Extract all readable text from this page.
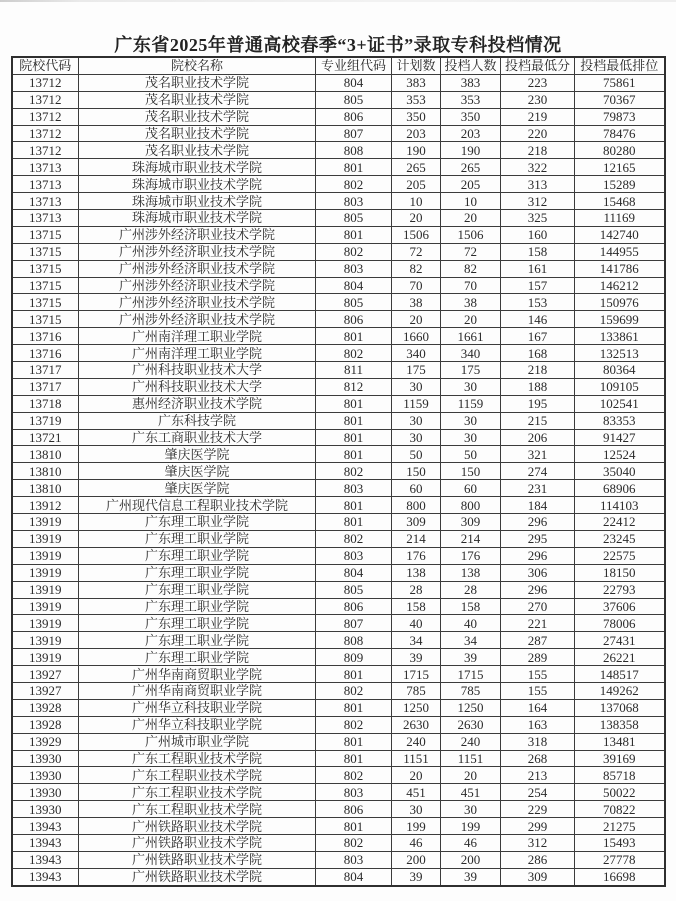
广东省2025年普通高校春季“3+证书”录取专科投档情况
院校代码	院校名称	专业组代码	计划数	投档人数	投档最低分	投档最低排位
13712	茂名职业技术学院	804	383	383	223	75861
13712	茂名职业技术学院	805	353	353	230	70367
13712	茂名职业技术学院	806	350	350	219	79873
13712	茂名职业技术学院	807	203	203	220	78476
13712	茂名职业技术学院	808	190	190	218	80280
13713	珠海城市职业技术学院	801	265	265	322	12165
13713	珠海城市职业技术学院	802	205	205	313	15289
13713	珠海城市职业技术学院	803	10	10	312	15468
13713	珠海城市职业技术学院	805	20	20	325	11169
13715	广州涉外经济职业技术学院	801	1506	1506	160	142740
13715	广州涉外经济职业技术学院	802	72	72	158	144955
13715	广州涉外经济职业技术学院	803	82	82	161	141786
13715	广州涉外经济职业技术学院	804	70	70	157	146212
13715	广州涉外经济职业技术学院	805	38	38	153	150976
13715	广州涉外经济职业技术学院	806	20	20	146	159699
13716	广州南洋理工职业学院	801	1660	1661	167	133861
13716	广州南洋理工职业学院	802	340	340	168	132513
13717	广州科技职业技术大学	811	175	175	218	80364
13717	广州科技职业技术大学	812	30	30	188	109105
13718	惠州经济职业技术学院	801	1159	1159	195	102541
13719	广东科技学院	801	30	30	215	83353
13721	广东工商职业技术大学	801	30	30	206	91427
13810	肇庆医学院	801	50	50	321	12524
13810	肇庆医学院	802	150	150	274	35040
13810	肇庆医学院	803	60	60	231	68906
13912	广州现代信息工程职业技术学院	801	800	800	184	114103
13919	广东理工职业学院	801	309	309	296	22412
13919	广东理工职业学院	802	214	214	295	23245
13919	广东理工职业学院	803	176	176	296	22575
13919	广东理工职业学院	804	138	138	306	18150
13919	广东理工职业学院	805	28	28	296	22793
13919	广东理工职业学院	806	158	158	270	37606
13919	广东理工职业学院	807	40	40	221	78006
13919	广东理工职业学院	808	34	34	287	27431
13919	广东理工职业学院	809	39	39	289	26221
13927	广州华南商贸职业学院	801	1715	1715	155	148517
13927	广州华南商贸职业学院	802	785	785	155	149262
13928	广州华立科技职业学院	801	1250	1250	164	137068
13928	广州华立科技职业学院	802	2630	2630	163	138358
13929	广州城市职业学院	801	240	240	318	13481
13930	广东工程职业技术学院	801	1151	1151	268	39169
13930	广东工程职业技术学院	802	20	20	213	85718
13930	广东工程职业技术学院	803	451	451	254	50022
13930	广东工程职业技术学院	806	30	30	229	70822
13943	广州铁路职业技术学院	801	199	199	299	21275
13943	广州铁路职业技术学院	802	46	46	312	15493
13943	广州铁路职业技术学院	803	200	200	286	27778
13943	广州铁路职业技术学院	804	39	39	309	16698
